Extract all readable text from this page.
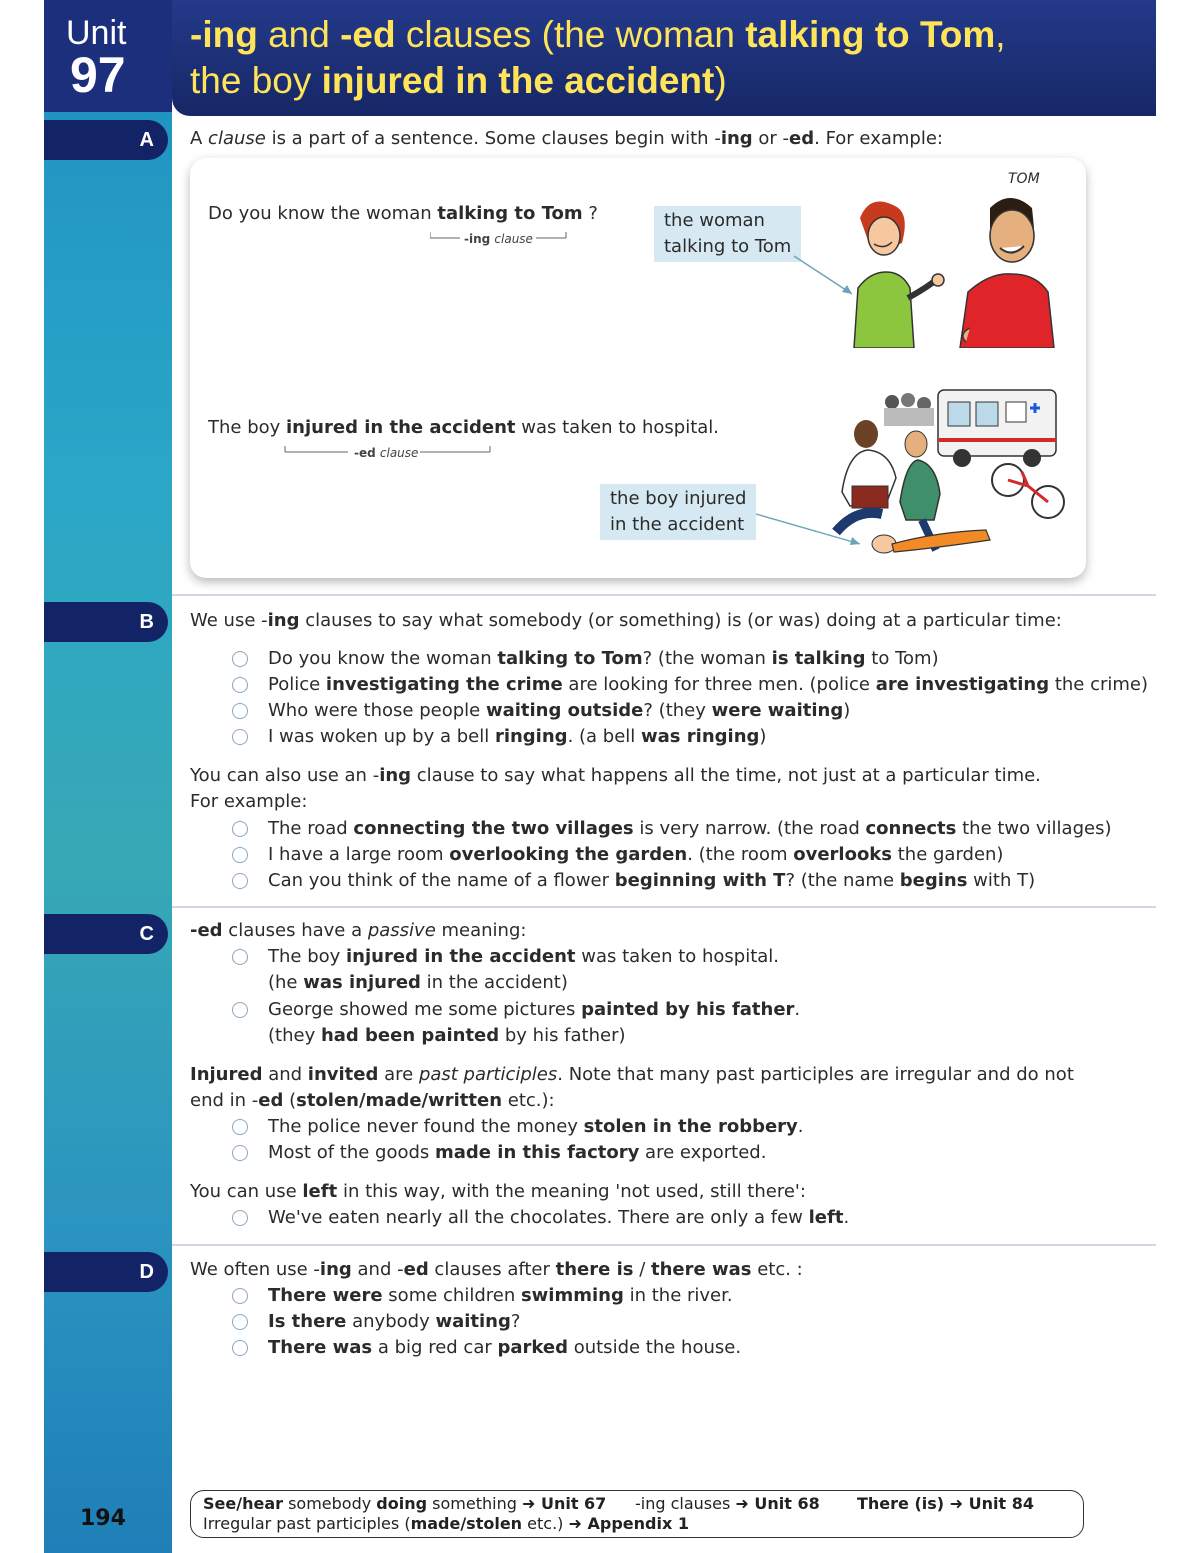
Unit
97
-ing and -ed clauses (the woman talking to Tom,
the boy injured in the accident)
A A clause is a part of a sentence. Some clauses begin with -ing or -ed. For example:
Do you know the woman talking to Tom ?
-ing clause
the woman
talking to Tom
TOM
The boy injured in the accident was taken to hospital.
-ed clause
the boy injured
in the accident
B We use -ing clauses to say what somebody (or something) is (or was) doing at a particular time:
Do you know the woman talking to Tom? (the woman is talking to Tom)
Police investigating the crime are looking for three men. (police are investigating the crime)
Who were those people waiting outside? (they were waiting)
I was woken up by a bell ringing. (a bell was ringing)
You can also use an -ing clause to say what happens all the time, not just at a particular time.
For example:
The road connecting the two villages is very narrow. (the road connects the two villages)
I have a large room overlooking the garden. (the room overlooks the garden)
Can you think of the name of a flower beginning with T? (the name begins with T)
C -ed clauses have a passive meaning:
The boy injured in the accident was taken to hospital.
(he was injured in the accident)
George showed me some pictures painted by his father.
(they had been painted by his father)
Injured and invited are past participles. Note that many past participles are irregular and do not
end in -ed (stolen/made/written etc.):
The police never found the money stolen in the robbery.
Most of the goods made in this factory are exported.
You can use left in this way, with the meaning 'not used, still there':
We've eaten nearly all the chocolates. There are only a few left.
D We often use -ing and -ed clauses after there is / there was etc. :
There were some children swimming in the river.
Is there anybody waiting?
There was a big red car parked outside the house.
194
See/hear somebody doing something ➜ Unit 67 -ing clauses ➜ Unit 68 There (is) ➜ Unit 84
Irregular past participles (made/stolen etc.) ➜ Appendix 1
